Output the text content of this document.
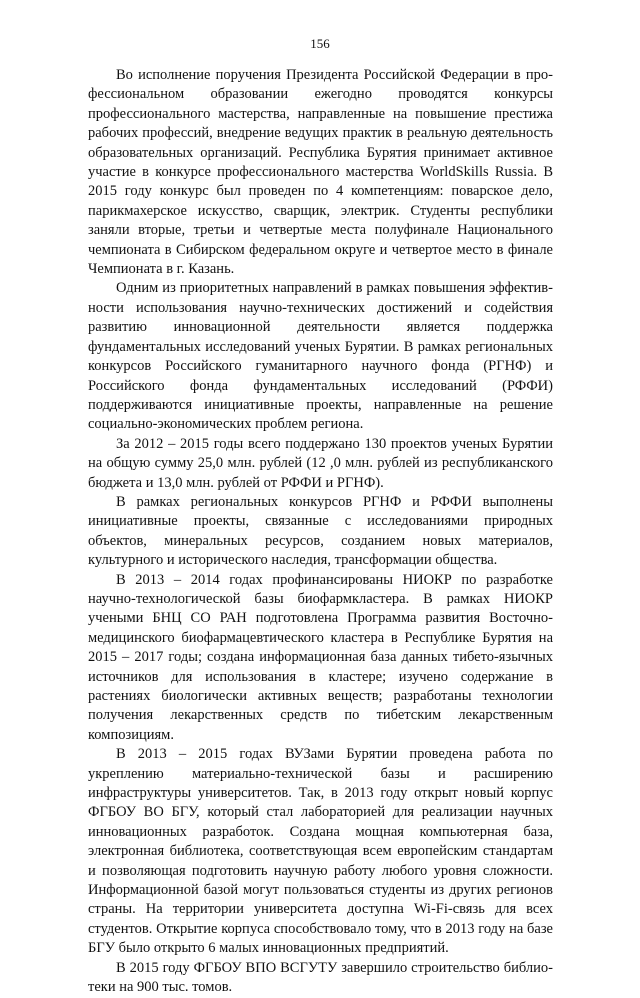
156

Во исполнение поручения Президента Российской Федерации в профессиональном образовании ежегодно проводятся конкурсы профессионального мастерства, направленные на повышение престижа рабочих профессий, внедрение ведущих практик в реальную деятельность образовательных организаций. Республика Бурятия принимает активное участие в конкурсе профессионального мастерства WorldSkills Russia. В 2015 году конкурс был проведен по 4 компетенциям: поварское дело, парикмахерское искусство, сварщик, электрик. Студенты республики заняли вторые, третьи и четвертые места полуфинале Национального чемпионата в Сибирском федеральном округе и четвертое место в финале Чемпионата в г. Казань.

Одним из приоритетных направлений в рамках повышения эффективности использования научно-технических достижений и содействия развитию инновационной деятельности является поддержка фундаментальных исследований ученых Бурятии. В рамках региональных конкурсов Российского гуманитарного научного фонда (РГНФ) и Российского фонда фундаментальных исследований (РФФИ) поддерживаются инициативные проекты, направленные на решение социально-экономических проблем региона.

За 2012 – 2015 годы всего поддержано 130 проектов ученых Бурятии на общую сумму 25,0 млн. рублей (12 ,0 млн. рублей из республиканского бюджета и 13,0 млн. рублей от РФФИ и РГНФ).

В рамках региональных конкурсов РГНФ и РФФИ выполнены инициативные проекты, связанные с исследованиями природных объектов, минеральных ресурсов, созданием новых материалов, культурного и исторического наследия, трансформации общества.

В 2013 – 2014 годах профинансированы НИОКР по разработке научно-технологической базы биофармкластера. В рамках НИОКР учеными БНЦ СО РАН подготовлена Программа развития Восточно-медицинского биофармацевтического кластера в Республике Бурятия на 2015 – 2017 годы; создана информационная база данных тибето-язычных источников для использования в кластере; изучено содержание в растениях биологически активных веществ; разработаны технологии получения лекарственных средств по тибетским лекарственным композициям.

В 2013 – 2015 годах ВУЗами Бурятии проведена работа по укреплению материально-технической базы и расширению инфраструктуры университетов. Так, в 2013 году открыт новый корпус ФГБОУ ВО БГУ, который стал лабораторией для реализации научных инновационных разработок. Создана мощная компьютерная база, электронная библиотека, соответствующая всем европейским стандартам и позволяющая подготовить научную работу любого уровня сложности. Информационной базой могут пользоваться студенты из других регионов страны. На территории университета доступна Wi-Fi-связь для всех студентов. Открытие корпуса способствовало тому, что в 2013 году на базе БГУ было открыто 6 малых инновационных предприятий.

В 2015 году ФГБОУ ВПО ВСГУТУ завершило строительство библиотеки на 900 тыс. томов.
